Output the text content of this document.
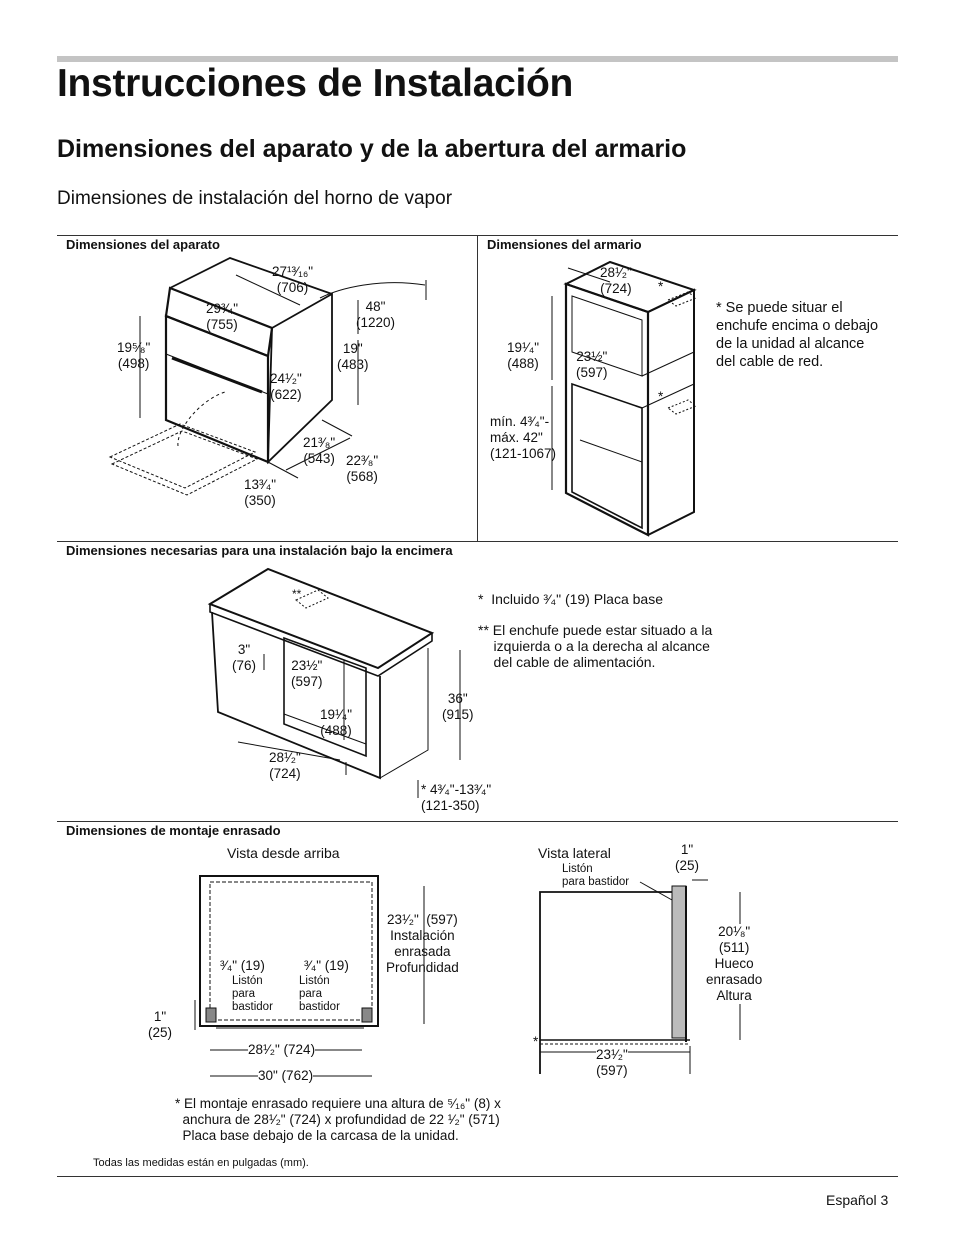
Instrucciones de Instalación
Dimensiones del aparato y de la abertura del armario
Dimensiones de instalación del horno de vapor
Dimensiones del aparato
27¹³⁄₁₆"
(706)
29³⁄₄"
(755)
48"
(1220)
19⁵⁄₈"
(498)
19"
(483)
24¹⁄₂"
(622)
21³⁄₈"
(543) 22³⁄₈"
(568)
13³⁄₄"
(350)
Dimensiones del armario
28¹⁄₂"
(724) *
*
19¹⁄₄"
(488)	23½"
(597)
mín. 4³⁄₄"-
máx. 42"
(121-1067)
* Se puede situar el
enchufe encima o debajo
de la unidad al alcance
del cable de red.
Dimensiones necesarias para una instalación bajo la encimera
**
3"
(76)	23½"
(597)
19¹⁄₄"
(488)
28¹⁄₂"
(724)
36"
(915)
* 4³⁄₄"-13³⁄₄"
(121-350)
*  Incluido ³⁄₄" (19) Placa base
** El enchufe puede estar situado a la
izquierda o a la derecha al alcance
del cable de alimentación.
Dimensiones de montaje enrasado
Vista desde arriba	Vista lateral
³⁄₄" (19)	³⁄₄" (19)
Listón
para
bastidor
Listón
para
bastidor
23¹⁄₂"  (597)
Instalación
enrasada
Profundidad
1"
(25)
28¹⁄₂" (724)
30" (762)
Listón
para bastidor
1"
(25)
20¹⁄₈"
(511)
Hueco
enrasado
Altura
23¹⁄₂"
(597)
*
* El montaje enrasado requiere una altura de ⁵⁄₁₆" (8) x
anchura de 28¹⁄₂" (724) x profundidad de 22 ¹⁄₂" (571)
Placa base debajo de la carcasa de la unidad.
Todas las medidas están en pulgadas (mm).
Español 3
